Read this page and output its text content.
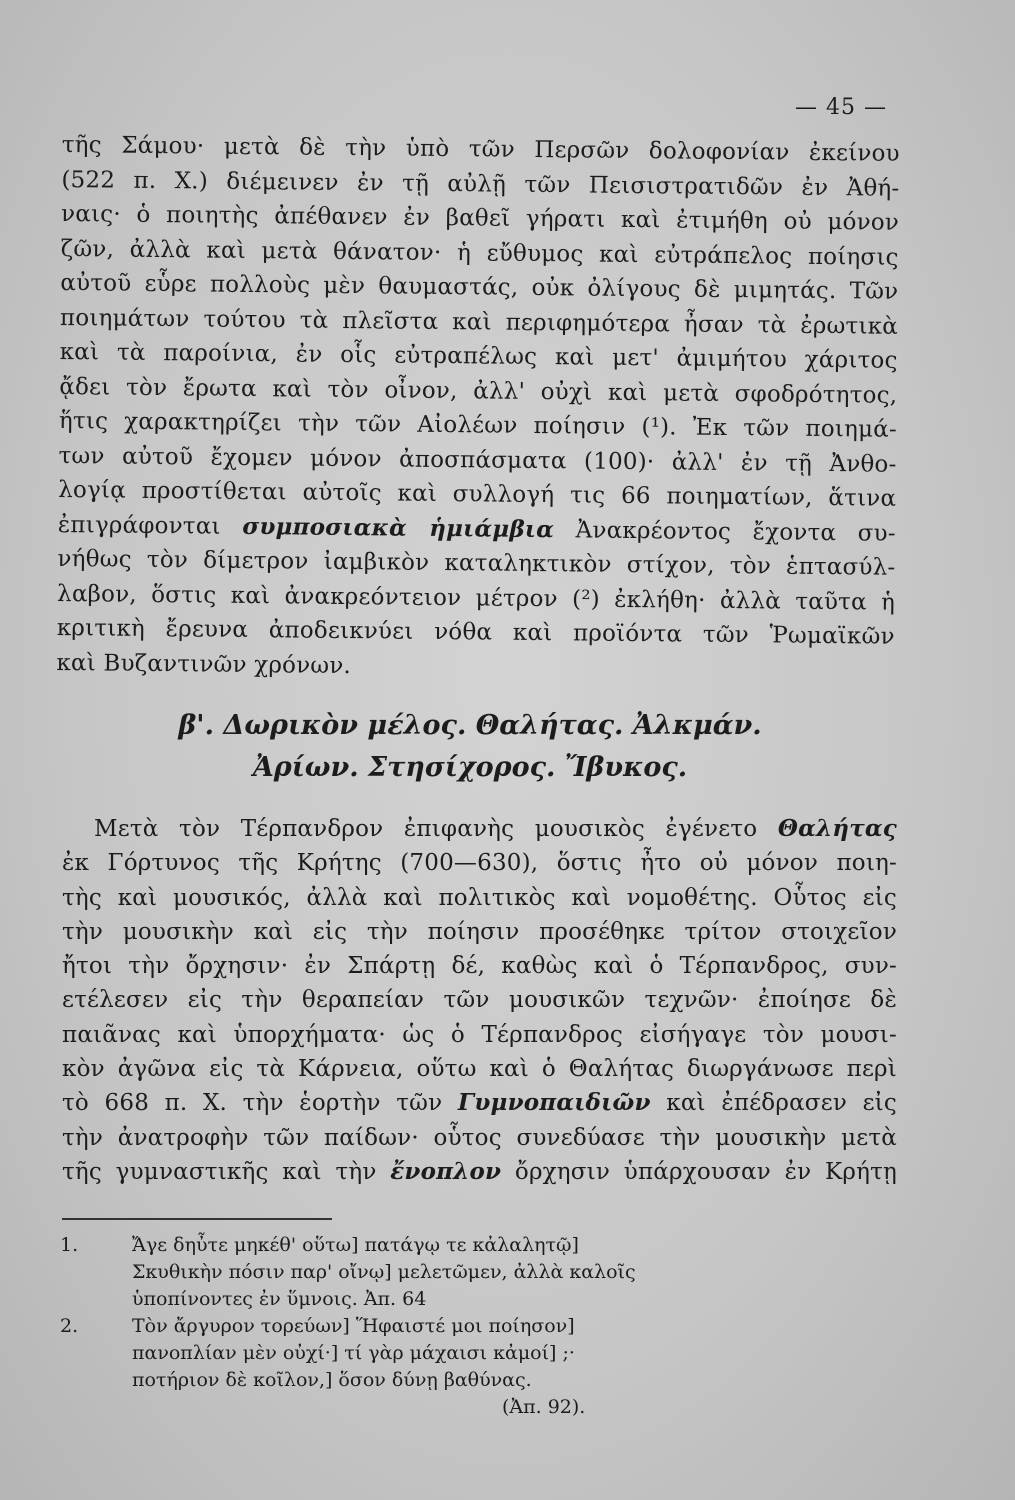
— 45 —
τῆς Σάμου· μετὰ δὲ τὴν ὑπὸ τῶν Περσῶν δολοφονίαν ἐκείνου
(522 π. Χ.) διέμεινεν ἐν τῇ αὐλῇ τῶν Πεισιστρατιδῶν ἐν Ἀθή-
ναις· ὁ ποιητὴς ἀπέθανεν ἐν βαθεῖ γήρατι καὶ ἐτιμήθη οὐ μόνον
ζῶν, ἀλλὰ καὶ μετὰ θάνατον· ἡ εὔθυμος καὶ εὐτράπελος ποίησις
αὐτοῦ εὗρε πολλοὺς μὲν θαυμαστάς, οὐκ ὀλίγους δὲ μιμητάς. Τῶν
ποιημάτων τούτου τὰ πλεῖστα καὶ περιφημότερα ἦσαν τὰ ἐρωτικὰ
καὶ τὰ παροίνια, ἐν οἷς εὐτραπέλως καὶ μετ' ἀμιμήτου χάριτος
ᾄδει τὸν ἔρωτα καὶ τὸν οἶνον, ἀλλ' οὐχὶ καὶ μετὰ σφοδρότητος,
ἥτις χαρακτηρίζει τὴν τῶν Αἰολέων ποίησιν (¹). Ἐκ τῶν ποιημά-
των αὐτοῦ ἔχομεν μόνον ἀποσπάσματα (100)· ἀλλ' ἐν τῇ Ἀνθο-
λογίᾳ προστίθεται αὐτοῖς καὶ συλλογή τις 66 ποιηματίων, ἅτινα
ἐπιγράφονται συμποσιακὰ ἡμιάμβια Ἀνακρέοντος ἔχοντα συ-
νήθως τὸν δίμετρον ἰαμβικὸν καταληκτικὸν στίχον, τὸν ἑπτασύλ-
λαβον, ὅστις καὶ ἀνακρεόντειον μέτρον (²) ἐκλήθη· ἀλλὰ ταῦτα ἡ
κριτικὴ ἔρευνα ἀποδεικνύει νόθα καὶ προϊόντα τῶν Ῥωμαϊκῶν
καὶ Βυζαντινῶν χρόνων.
β'. Δωρικὸν μέλος. Θαλήτας. Ἀλκμάν.
Ἀρίων. Στησίχορος. Ἴβυκος.
Μετὰ τὸν Τέρπανδρον ἐπιφανὴς μουσικὸς ἐγένετο Θαλήτας
ἐκ Γόρτυνος τῆς Κρήτης (700—630), ὅστις ἦτο οὐ μόνον ποιη-
τὴς καὶ μουσικός, ἀλλὰ καὶ πολιτικὸς καὶ νομοθέτης. Οὗτος εἰς
τὴν μουσικὴν καὶ εἰς τὴν ποίησιν προσέθηκε τρίτον στοιχεῖον
ἤτοι τὴν ὄρχησιν· ἐν Σπάρτῃ δέ, καθὼς καὶ ὁ Τέρπανδρος, συν-
ετέλεσεν εἰς τὴν θεραπείαν τῶν μουσικῶν τεχνῶν· ἐποίησε δὲ
παιᾶνας καὶ ὑπορχήματα· ὡς ὁ Τέρπανδρος εἰσήγαγε τὸν μουσι-
κὸν ἀγῶνα εἰς τὰ Κάρνεια, οὕτω καὶ ὁ Θαλήτας διωργάνωσε περὶ
τὸ 668 π. Χ. τὴν ἑορτὴν τῶν Γυμνοπαιδιῶν καὶ ἐπέδρασεν εἰς
τὴν ἀνατροφὴν τῶν παίδων· οὗτος συνεδύασε τὴν μουσικὴν μετὰ
τῆς γυμναστικῆς καὶ τὴν ἔνοπλον ὄρχησιν ὑπάρχουσαν ἐν Κρήτῃ
1.	Ἄγε δηὖτε μηκέθ' οὕτω] πατάγῳ τε κἀλαλητῷ]
Σκυθικὴν πόσιν παρ' οἴνῳ] μελετῶμεν, ἀλλὰ καλοῖς
ὑποπίνοντες ἐν ὕμνοις. Ἀπ. 64
2.	Τὸν ἄργυρον τορεύων] Ἥφαιστέ μοι ποίησον]
πανοπλίαν μὲν οὐχί·] τί γὰρ μάχαισι κἀμοί] ;·
ποτήριον δὲ κοῖλον,] ὅσον δύνῃ βαθύνας.
(Ἀπ. 92).
